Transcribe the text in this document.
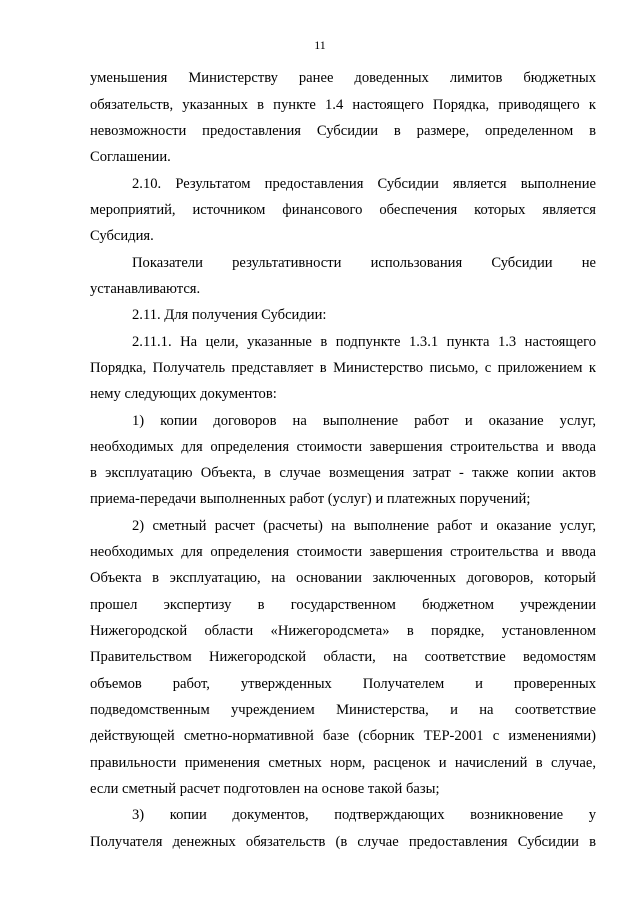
11
уменьшения Министерству ранее доведенных лимитов бюджетных
обязательств, указанных в пункте 1.4 настоящего Порядка, приводящего к
невозможности предоставления Субсидии в размере, определенном в
Соглашении.
2.10. Результатом предоставления Субсидии является выполнение
мероприятий, источником финансового обеспечения которых является
Субсидия.
Показатели результативности использования Субсидии не
устанавливаются.
2.11. Для получения Субсидии:
2.11.1. На цели, указанные в подпункте 1.3.1 пункта 1.3 настоящего
Порядка, Получатель представляет в Министерство письмо, с приложением к
нему следующих документов:
1) копии договоров на выполнение работ и оказание услуг,
необходимых для определения стоимости завершения строительства и ввода
в эксплуатацию Объекта, в случае возмещения затрат - также копии актов
приема-передачи выполненных работ (услуг) и платежных поручений;
2) сметный расчет (расчеты) на выполнение работ и оказание услуг,
необходимых для определения стоимости завершения строительства и ввода
Объекта в эксплуатацию, на основании заключенных договоров, который
прошел экспертизу в государственном бюджетном учреждении
Нижегородской области «Нижегородсмета» в порядке, установленном
Правительством Нижегородской области, на соответствие ведомостям
объемов работ, утвержденных Получателем и проверенных
подведомственным учреждением Министерства, и на соответствие
действующей сметно-нормативной базе (сборник ТЕР-2001 с изменениями)
правильности применения сметных норм, расценок и начислений в случае,
если сметный расчет подготовлен на основе такой базы;
3) копии документов, подтверждающих возникновение у
Получателя денежных обязательств (в случае предоставления Субсидии в
